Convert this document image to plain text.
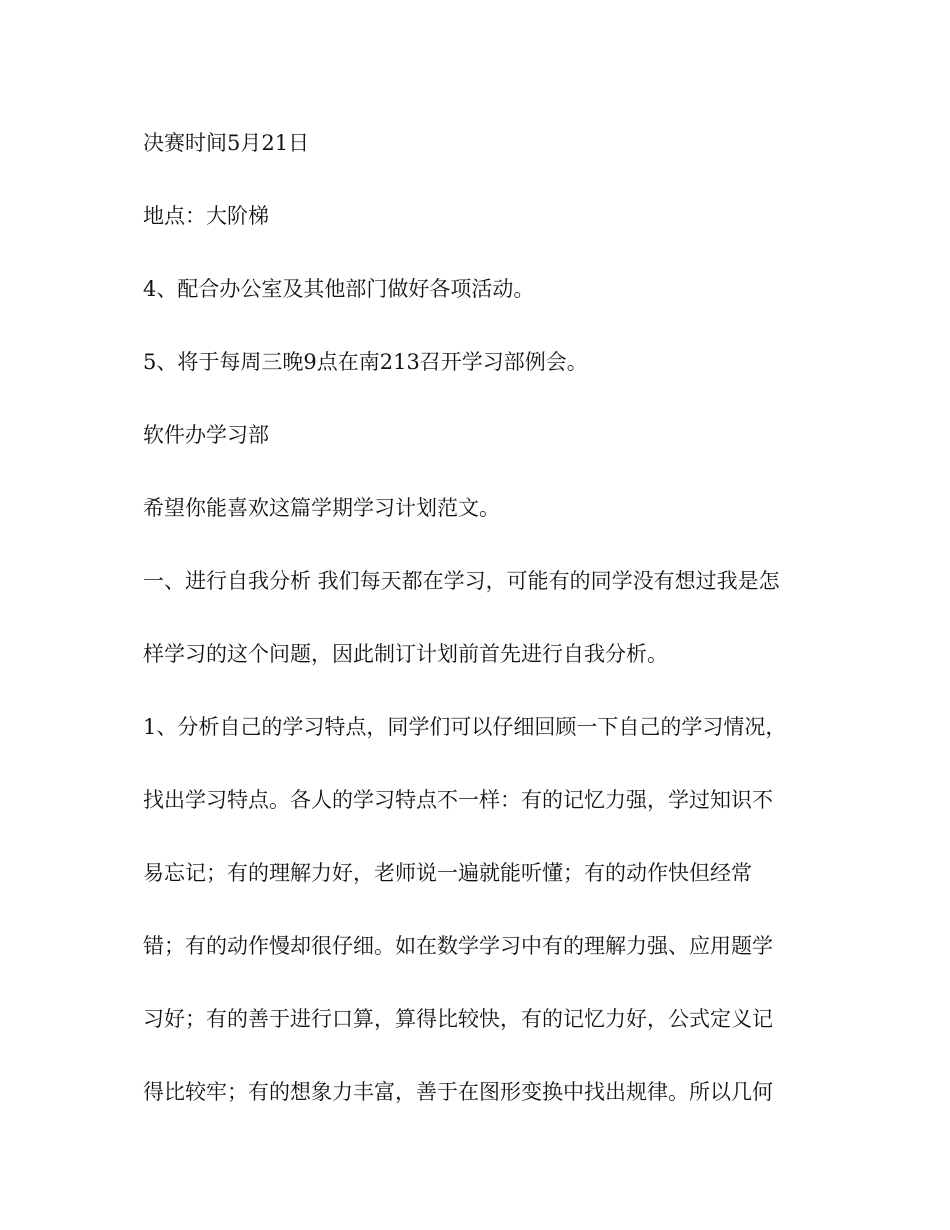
决赛时间5月21日
地点：大阶梯
4、配合办公室及其他部门做好各项活动。
5、将于每周三晚9点在南213召开学习部例会。
软件办学习部
希望你能喜欢这篇学期学习计划范文。
一、进行自我分析 我们每天都在学习，可能有的同学没有想过我是怎
样学习的这个问题，因此制订计划前首先进行自我分析。
1、分析自己的学习特点，同学们可以仔细回顾一下自己的学习情况，
找出学习特点。各人的学习特点不一样：有的记忆力强，学过知识不
易忘记；有的理解力好，老师说一遍就能听懂；有的动作快但经常
错；有的动作慢却很仔细。如在数学学习中有的理解力强、应用题学
习好；有的善于进行口算，算得比较快，有的记忆力好，公式定义记
得比较牢；有的想象力丰富，善于在图形变换中找出规律。所以几何
